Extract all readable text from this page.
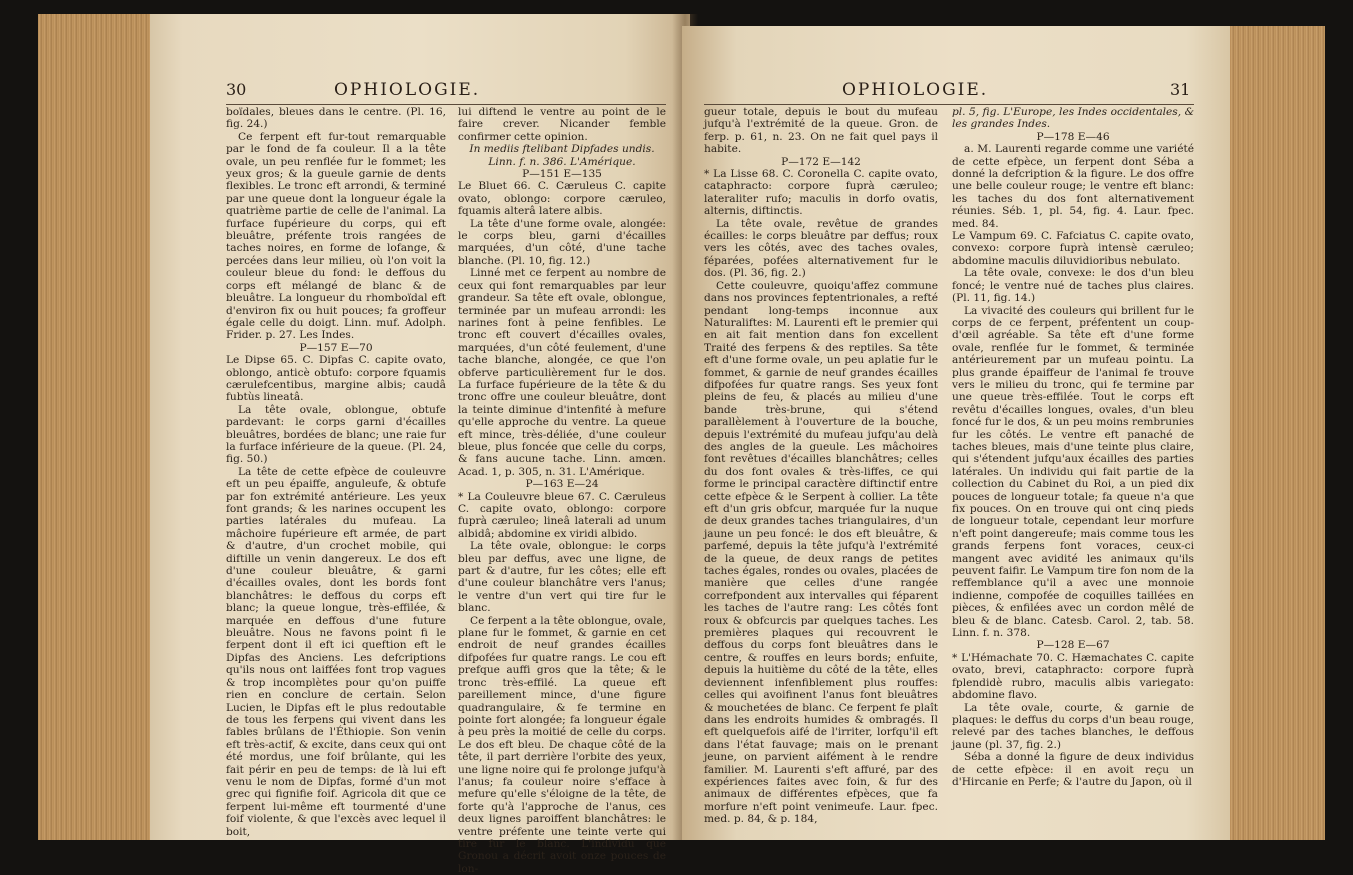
30	OPHIOLOGIE.

boïdales, bleues dans le centre. (Pl. 16, fig. 24.)

Ce ferpent eft fur-tout remarquable par le fond de fa couleur. Il a la tête ovale, un peu renflée fur le fommet; les yeux gros; & la gueule garnie de dents flexibles. Le tronc eft arrondi, & terminé par une queue dont la longueur égale la quatrième partie de celle de l'animal. La furface fupérieure du corps, qui eft bleuâtre, préfente trois rangées de taches noires, en forme de lofange, & percées dans leur milieu, où l'on voit la couleur bleue du fond: le deffous du corps eft mélangé de blanc & de bleuâtre. La longueur du rhomboïdal eft d'environ fix ou huit pouces; fa groffeur égale celle du doigt. Linn. muf. Adolph. Frider. p. 27. Les Indes.

P—157 E—70

Le Dipse 65. C. Dipfas C. capite ovato, oblongo, anticè obtufo: corpore fquamis cærulefcentibus, margine albis; caudâ fubtùs lineatâ.

La tête ovale, oblongue, obtufe pardevant: le corps garni d'écailles bleuâtres, bordées de blanc; une raie fur la furface inférieure de la queue. (Pl. 24, fig. 50.)

La tête de cette efpèce de couleuvre eft un peu épaiffe, anguleufe, & obtufe par fon extrémité antérieure. Les yeux font grands; & les narines occupent les parties latérales du mufeau. La mâchoire fupérieure eft armée, de part & d'autre, d'un crochet mobile, qui diftille un venin dangereux. Le dos eft d'une couleur bleuâtre, & garni d'écailles ovales, dont les bords font blanchâtres: le deffous du corps eft blanc; la queue longue, très-effilée, & marquée en deffous d'une future bleuâtre. Nous ne favons point fi le ferpent dont il eft ici queftion eft le Dipfas des Anciens. Les defcriptions qu'ils nous ont laiffées font trop vagues & trop incomplètes pour qu'on puiffe rien en conclure de certain. Selon Lucien, le Dipfas eft le plus redoutable de tous les ferpens qui vivent dans les fables brûlans de l'Éthiopie. Son venin eft très-actif, & excite, dans ceux qui ont été mordus, une foif brûlante, qui les fait périr en peu de temps: de là lui eft venu le nom de Dipfas, formé d'un mot grec qui fignifie foif. Agricola dit que ce ferpent lui-même eft tourmenté d'une foif violente, & que l'excès avec lequel il boit,

lui diftend le ventre au point de le faire crever. Nicander femble confirmer cette opinion.

In mediis ftelibant Dipfades undis.

Linn. f. n. 386. L'Amérique.

P—151 E—135

Le Bluet 66. C. Cæruleus C. capite ovato, oblongo: corpore cæruleo, fquamis alterâ latere albis.

La tête d'une forme ovale, alongée: le corps bleu, garni d'écailles marquées, d'un côté, d'une tache blanche. (Pl. 10, fig. 12.)

Linné met ce ferpent au nombre de ceux qui font remarquables par leur grandeur. Sa tête eft ovale, oblongue, terminée par un mufeau arrondi: les narines font à peine fenfibles. Le tronc eft couvert d'écailles ovales, marquées, d'un côté feulement, d'une tache blanche, alongée, ce que l'on obferve particulièrement fur le dos. La furface fupérieure de la tête & du tronc offre une couleur bleuâtre, dont la teinte diminue d'intenfité à mefure qu'elle approche du ventre. La queue eft mince, très-déliée, d'une couleur bleue, plus foncée que celle du corps, & fans aucune tache. Linn. amœn. Acad. 1, p. 305, n. 31. L'Amérique.

P—163 E—24

* La Couleuvre bleue 67. C. Cæruleus C. capite ovato, oblongo: corpore fuprà cæruleo; lineâ laterali ad unum albidâ; abdomine ex viridi albido.

La tête ovale, oblongue: le corps bleu par deffus, avec une ligne, de part & d'autre, fur les côtes; elle eft d'une couleur blanchâtre vers l'anus; le ventre d'un vert qui tire fur le blanc.

Ce ferpent a la tête oblongue, ovale, plane fur le fommet, & garnie en cet endroit de neuf grandes écailles difpofées fur quatre rangs. Le cou eft prefque auffi gros que la tête; & le tronc très-effilé. La queue eft pareillement mince, d'une figure quadrangulaire, & fe termine en pointe fort alongée; fa longueur égale à peu près la moitié de celle du corps. Le dos eft bleu. De chaque côté de la tête, il part derrière l'orbite des yeux, une ligne noire qui fe prolonge jufqu'à l'anus; fa couleur noire s'efface à mefure qu'elle s'éloigne de la tête, de forte qu'à l'approche de l'anus, ces deux lignes paroiffent blanchâtres: le ventre préfente une teinte verte qui tire fur le blanc. L'individu que Gronou a décrit avoit onze pouces de lon-

OPHIOLOGIE.	31

gueur totale, depuis le bout du mufeau jufqu'à l'extrémité de la queue. Gron. de ferp. p. 61, n. 23. On ne fait quel pays il habite.

P—172 E—142

* La Lisse 68. C. Coronella C. capite ovato, cataphracto: corpore fuprà cæruleo; lateraliter rufo; maculis in dorfo ovatis, alternis, diftinctis.

La tête ovale, revêtue de grandes écailles: le corps bleuâtre par deffus; roux vers les côtés, avec des taches ovales, féparées, pofées alternativement fur le dos. (Pl. 36, fig. 2.)

Cette couleuvre, quoiqu'affez commune dans nos provinces feptentrionales, a refté pendant long-temps inconnue aux Naturaliftes: M. Laurenti eft le premier qui en ait fait mention dans fon excellent Traité des ferpens & des reptiles. Sa tête eft d'une forme ovale, un peu aplatie fur le fommet, & garnie de neuf grandes écailles difpofées fur quatre rangs. Ses yeux font pleins de feu, & placés au milieu d'une bande très-brune, qui s'étend parallèlement à l'ouverture de la bouche, depuis l'extrémité du mufeau jufqu'au delà des angles de la gueule. Les mâchoires font revêtues d'écailles blanchâtres; celles du dos font ovales & très-liffes, ce qui forme le principal caractère diftinctif entre cette efpèce & le Serpent à collier. La tête eft d'un gris obfcur, marquée fur la nuque de deux grandes taches triangulaires, d'un jaune un peu foncé: le dos eft bleuâtre, & parfemé, depuis la tête jufqu'à l'extrémité de la queue, de deux rangs de petites taches égales, rondes ou ovales, placées de manière que celles d'une rangée correfpondent aux intervalles qui féparent les taches de l'autre rang: Les côtés font roux & obfcurcis par quelques taches. Les premières plaques qui recouvrent le deffous du corps font bleuâtres dans le centre, & rouffes en leurs bords; enfuite, depuis la huitième du côté de la tête, elles deviennent infenfiblement plus rouffes: celles qui avoifinent l'anus font bleuâtres & mouchetées de blanc. Ce ferpent fe plaît dans les endroits humides & ombragés. Il eft quelquefois aifé de l'irriter, lorfqu'il eft dans l'état fauvage; mais on le prenant jeune, on parvient aifément à le rendre familier. M. Laurenti s'eft affuré, par des expériences faites avec foin, & fur des animaux de différentes efpèces, que fa morfure n'eft point venimeufe. Laur. fpec. med. p. 84, & p. 184,

pl. 5, fig. L'Europe, les Indes occidentales, & les grandes Indes.

P—178 E—46

a. M. Laurenti regarde comme une variété de cette efpèce, un ferpent dont Séba a donné la defcription & la figure. Le dos offre une belle couleur rouge; le ventre eft blanc: les taches du dos font alternativement réunies. Séb. 1, pl. 54, fig. 4. Laur. fpec. med. 84.

Le Vampum 69. C. Fafciatus C. capite ovato, convexo: corpore fuprà intensè cæruleo; abdomine maculis diluvidioribus nebulato.

La tête ovale, convexe: le dos d'un bleu foncé; le ventre nué de taches plus claires. (Pl. 11, fig. 14.)

La vivacité des couleurs qui brillent fur le corps de ce ferpent, préfentent un coup-d'œil agréable. Sa tête eft d'une forme ovale, renflée fur le fommet, & terminée antérieurement par un mufeau pointu. La plus grande épaiffeur de l'animal fe trouve vers le milieu du tronc, qui fe termine par une queue très-effilée. Tout le corps eft revêtu d'écailles longues, ovales, d'un bleu foncé fur le dos, & un peu moins rembrunies fur les côtés. Le ventre eft panaché de taches bleues, mais d'une teinte plus claire, qui s'étendent jufqu'aux écailles des parties latérales. Un individu qui fait partie de la collection du Cabinet du Roi, a un pied dix pouces de longueur totale; fa queue n'a que fix pouces. On en trouve qui ont cinq pieds de longueur totale, cependant leur morfure n'eft point dangereufe; mais comme tous les grands ferpens font voraces, ceux-ci mangent avec avidité les animaux qu'ils peuvent faifir. Le Vampum tire fon nom de la reffemblance qu'il a avec une monnoie indienne, compofée de coquilles taillées en pièces, & enfilées avec un cordon mêlé de bleu & de blanc. Catesb. Carol. 2, tab. 58. Linn. f. n. 378.

P—128 E—67

* L'Hémachate 70. C. Hæmachates C. capite ovato, brevi, cataphracto: corpore fuprà fplendidè rubro, maculis albis variegato: abdomine flavo.

La tête ovale, courte, & garnie de plaques: le deffus du corps d'un beau rouge, relevé par des taches blanches, le deffous jaune (pl. 37, fig. 2.)

Séba a donné la figure de deux individus de cette efpèce: il en avoit reçu un d'Hircanie en Perfe; & l'autre du Japon, où il
